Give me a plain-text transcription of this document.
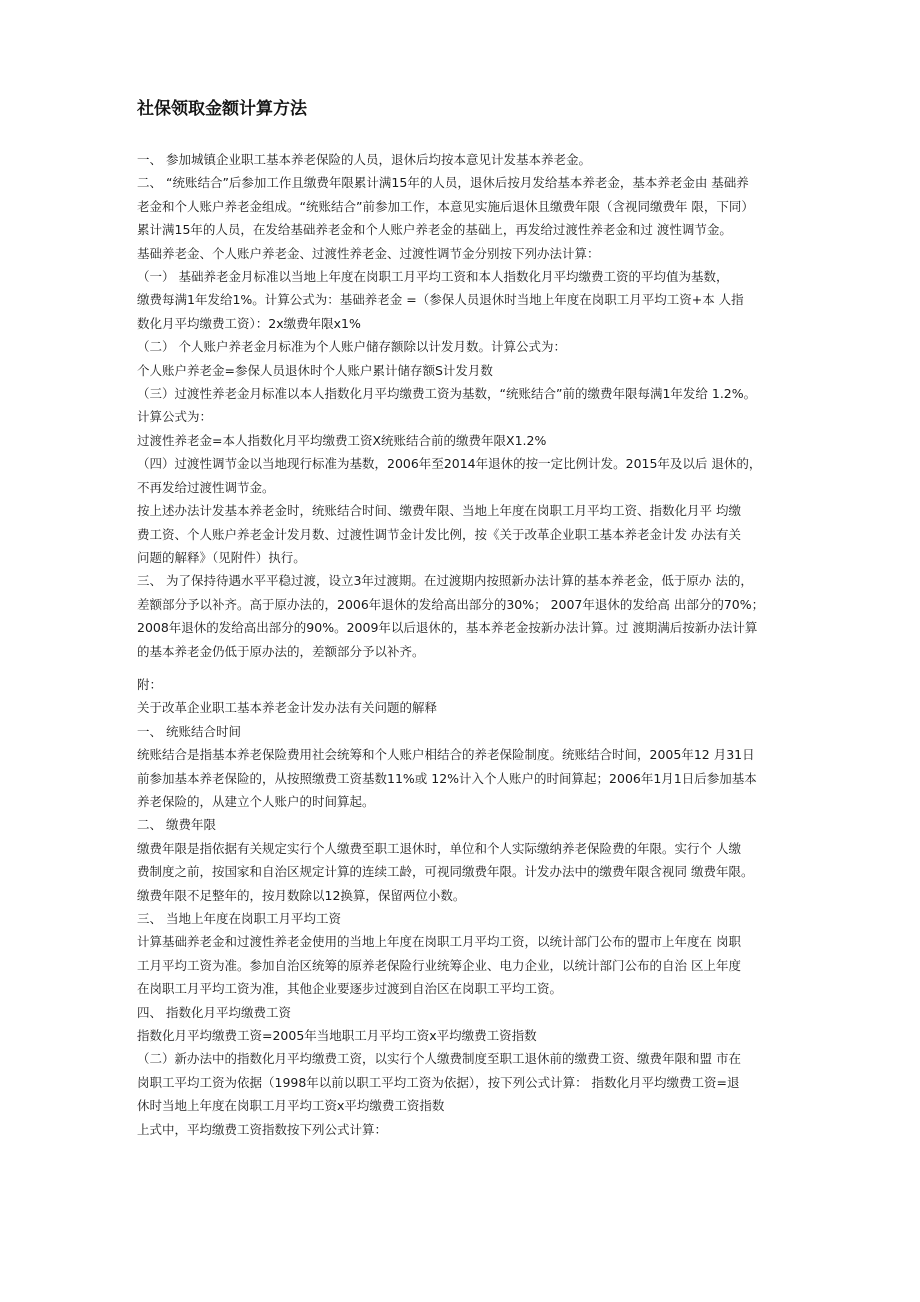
社保领取金额计算方法

一、 参加城镇企业职工基本养老保险的人员，退休后均按本意见计发基本养老金。

二、 “统账结合”后参加工作且缴费年限累计满15年的人员，退休后按月发给基本养老金，基本养老金由 基础养

老金和个人账户养老金组成。“统账结合”前参加工作，本意见实施后退休且缴费年限（含视同缴费年 限，下同）

累计满15年的人员，在发给基础养老金和个人账户养老金的基础上，再发给过渡性养老金和过 渡性调节金。

基础养老金、个人账户养老金、过渡性养老金、过渡性调节金分别按下列办法计算：

（一） 基础养老金月标准以当地上年度在岗职工月平均工资和本人指数化月平均缴费工资的平均值为基数，

缴费每满1年发给1%。计算公式为：基础养老金 =（参保人员退休时当地上年度在岗职工月平均工资+本 人指

数化月平均缴费工资）：2x缴费年限x1%

（二） 个人账户养老金月标准为个人账户储存额除以计发月数。计算公式为：

个人账户养老金=参保人员退休时个人账户累计储存额S计发月数

（三）过渡性养老金月标准以本人指数化月平均缴费工资为基数，“统账结合”前的缴费年限每满1年发给 1.2%。

计算公式为：

过渡性养老金=本人指数化月平均缴费工资X统账结合前的缴费年限X1.2%

（四）过渡性调节金以当地现行标准为基数，2006年至2014年退休的按一定比例计发。2015年及以后 退休的，

不再发给过渡性调节金。

按上述办法计发基本养老金时，统账结合时间、缴费年限、当地上年度在岗职工月平均工资、指数化月平 均缴

费工资、个人账户养老金计发月数、过渡性调节金计发比例，按《关于改革企业职工基本养老金计发 办法有关

问题的解释》（见附件）执行。

三、 为了保持待遇水平平稳过渡，设立3年过渡期。在过渡期内按照新办法计算的基本养老金，低于原办 法的，

差额部分予以补齐。高于原办法的，2006年退休的发给高出部分的30%； 2007年退休的发给高 出部分的70%；

2008年退休的发给高出部分的90%。2009年以后退休的，基本养老金按新办法计算。过 渡期满后按新办法计算

的基本养老金仍低于原办法的，差额部分予以补齐。

附：

关于改革企业职工基本养老金计发办法有关问题的解释

一、 统账结合时间

统账结合是指基本养老保险费用社会统筹和个人账户相结合的养老保险制度。统账结合时间，2005年12 月31日

前参加基本养老保险的，从按照缴费工资基数11%或 12%计入个人账户的时间算起；2006年1月1日后参加基本

养老保险的，从建立个人账户的时间算起。

二、 缴费年限

缴费年限是指依据有关规定实行个人缴费至职工退休时，单位和个人实际缴纳养老保险费的年限。实行个 人缴

费制度之前，按国家和自治区规定计算的连续工龄，可视同缴费年限。计发办法中的缴费年限含视同 缴费年限。

缴费年限不足整年的，按月数除以12换算，保留两位小数。

三、 当地上年度在岗职工月平均工资

计算基础养老金和过渡性养老金使用的当地上年度在岗职工月平均工资，以统计部门公布的盟市上年度在 岗职

工月平均工资为准。参加自治区统筹的原养老保险行业统筹企业、电力企业，以统计部门公布的自治 区上年度

在岗职工月平均工资为准，其他企业要逐步过渡到自治区在岗职工平均工资。

四、 指数化月平均缴费工资

指数化月平均缴费工资=2005年当地职工月平均工资x平均缴费工资指数

（二）新办法中的指数化月平均缴费工资，以实行个人缴费制度至职工退休前的缴费工资、缴费年限和盟 市在

岗职工平均工资为依据（1998年以前以职工平均工资为依据），按下列公式计算： 指数化月平均缴费工资=退

休时当地上年度在岗职工月平均工资x平均缴费工资指数

上式中，平均缴费工资指数按下列公式计算：
